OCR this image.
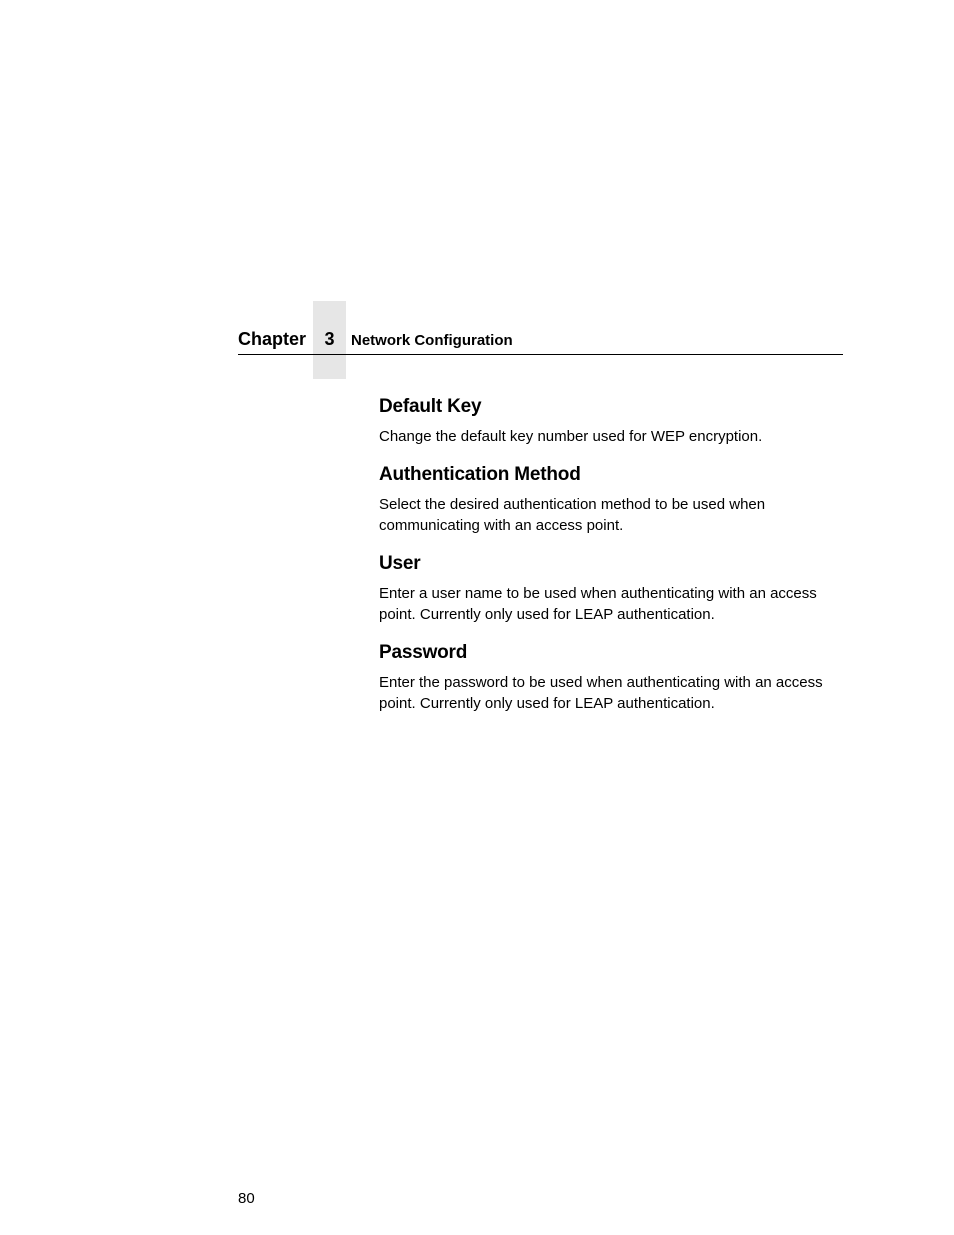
Chapter	3	Network Configuration
Default Key

Change the default key number used for WEP encryption.

Authentication Method

Select the desired authentication method to be used when communicating with an access point.

User

Enter a user name to be used when authenticating with an access point. Currently only used for LEAP authentication.

Password

Enter the password to be used when authenticating with an access point. Currently only used for LEAP authentication.

80
